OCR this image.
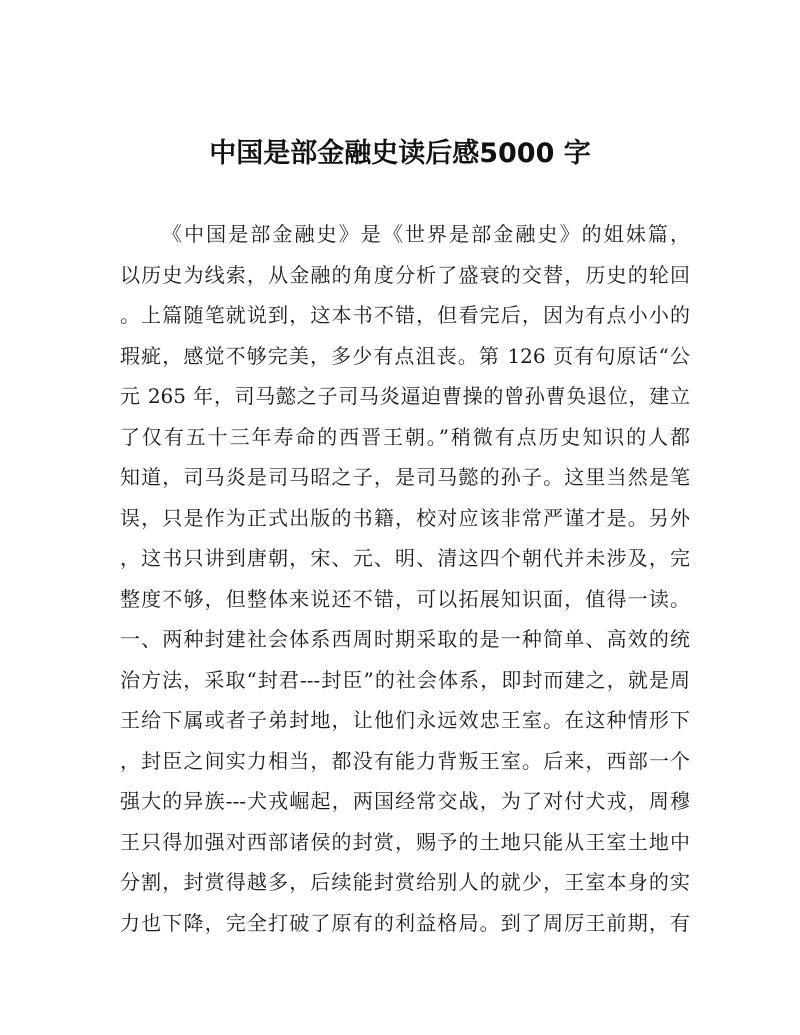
中国是部金融史读后感5000 字
《中国是部金融史》是《世界是部金融史》的姐妹篇，
以历史为线索，从金融的角度分析了盛衰的交替，历史的轮回
。上篇随笔就说到，这本书不错，但看完后，因为有点小小的
瑕疵，感觉不够完美，多少有点沮丧。第 126 页有句原话“公
元 265 年，司马懿之子司马炎逼迫曹操的曾孙曹奂退位，建立
了仅有五十三年寿命的西晋王朝。”稍微有点历史知识的人都
知道，司马炎是司马昭之子，是司马懿的孙子。这里当然是笔
误，只是作为正式出版的书籍，校对应该非常严谨才是。另外
，这书只讲到唐朝，宋、元、明、清这四个朝代并未涉及，完
整度不够，但整体来说还不错，可以拓展知识面，值得一读。
一、两种封建社会体系西周时期采取的是一种简单、高效的统
治方法，采取“封君---封臣”的社会体系，即封而建之，就是周
王给下属或者子弟封地，让他们永远效忠王室。在这种情形下
，封臣之间实力相当，都没有能力背叛王室。后来，西部一个
强大的异族---犬戎崛起，两国经常交战，为了对付犬戎，周穆
王只得加强对西部诸侯的封赏，赐予的土地只能从王室土地中
分割，封赏得越多，后续能封赏给别人的就少，王室本身的实
力也下降，完全打破了原有的利益格局。到了周厉王前期，有
